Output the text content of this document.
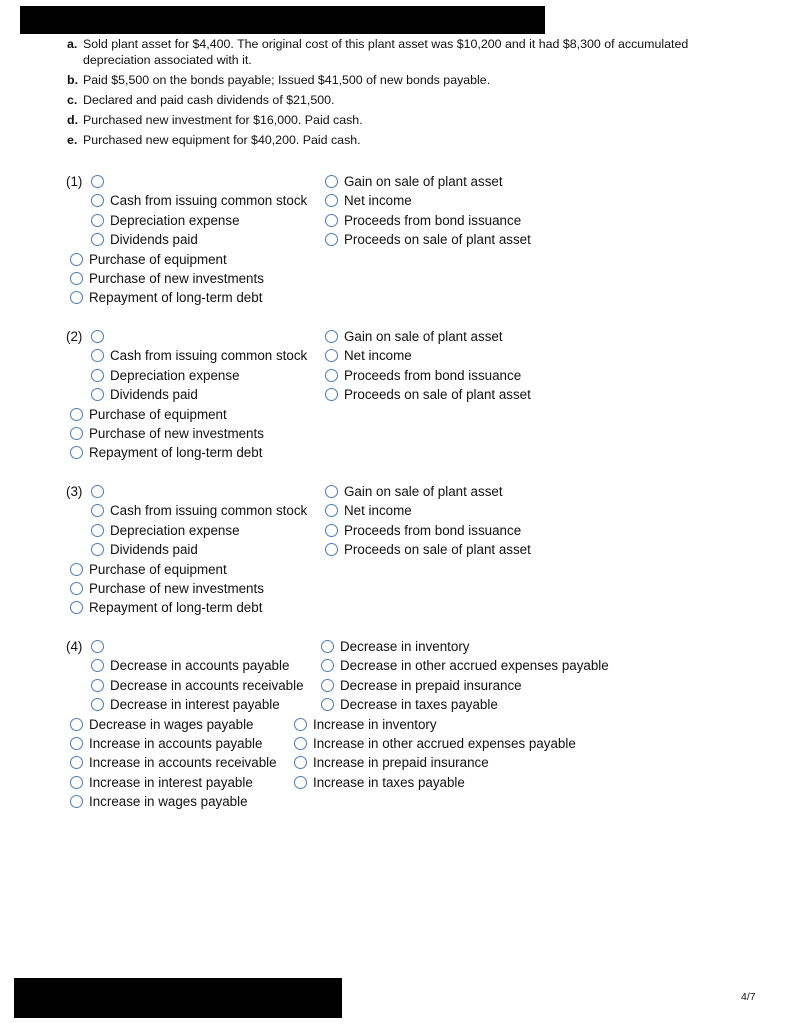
a. Sold plant asset for $4,400. The original cost of this plant asset was $10,200 and it had $8,300 of accumulated depreciation associated with it.
b. Paid $5,500 on the bonds payable; Issued $41,500 of new bonds payable.
c. Declared and paid cash dividends of $21,500.
d. Purchased new investment for $16,000. Paid cash.
e. Purchased new equipment for $40,200. Paid cash.
(1)	Gain on sale of plant asset
Cash from issuing common stock	Net income
Depreciation expense	Proceeds from bond issuance
Dividends paid	Proceeds on sale of plant asset
Purchase of equipment
Purchase of new investments
Repayment of long-term debt
(2)	Gain on sale of plant asset
Cash from issuing common stock	Net income
Depreciation expense	Proceeds from bond issuance
Dividends paid	Proceeds on sale of plant asset
Purchase of equipment
Purchase of new investments
Repayment of long-term debt
(3)	Gain on sale of plant asset
Cash from issuing common stock	Net income
Depreciation expense	Proceeds from bond issuance
Dividends paid	Proceeds on sale of plant asset
Purchase of equipment
Purchase of new investments
Repayment of long-term debt
(4)	Decrease in inventory
Decrease in accounts payable	Decrease in other accrued expenses payable
Decrease in accounts receivable	Decrease in prepaid insurance
Decrease in interest payable	Decrease in taxes payable
Decrease in wages payable	Increase in inventory
Increase in accounts payable	Increase in other accrued expenses payable
Increase in accounts receivable	Increase in prepaid insurance
Increase in interest payable	Increase in taxes payable
Increase in wages payable
4/7
